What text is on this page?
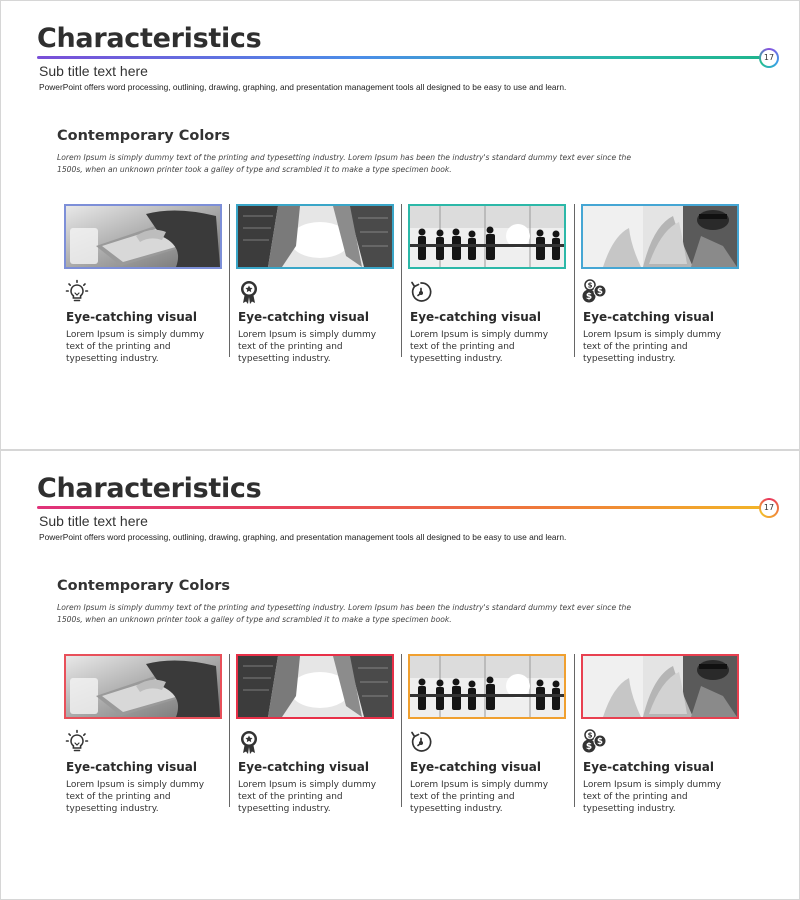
Characteristics
17
Sub title text here
PowerPoint offers word processing, outlining, drawing, graphing, and presentation management tools all designed to be easy to use and learn.
Contemporary Colors
Lorem Ipsum is simply dummy text of the printing and typesetting industry. Lorem Ipsum has been the industry's standard dummy text ever since the 1500s, when an unknown printer took a galley of type and scrambled it to make a type specimen book.
Eye-catching visual
Lorem Ipsum is simply dummy text of the printing and typesetting industry.
Eye-catching visual
Lorem Ipsum is simply dummy text of the printing and typesetting industry.
Eye-catching visual
Lorem Ipsum is simply dummy text of the printing and typesetting industry.
$
$ $
Eye-catching visual
Lorem Ipsum is simply dummy text of the printing and typesetting industry.
Characteristics
17
Sub title text here
PowerPoint offers word processing, outlining, drawing, graphing, and presentation management tools all designed to be easy to use and learn.
Contemporary Colors
Lorem Ipsum is simply dummy text of the printing and typesetting industry. Lorem Ipsum has been the industry's standard dummy text ever since the 1500s, when an unknown printer took a galley of type and scrambled it to make a type specimen book.
Eye-catching visual
Lorem Ipsum is simply dummy text of the printing and typesetting industry.
Eye-catching visual
Lorem Ipsum is simply dummy text of the printing and typesetting industry.
Eye-catching visual
Lorem Ipsum is simply dummy text of the printing and typesetting industry.
$
$ $
Eye-catching visual
Lorem Ipsum is simply dummy text of the printing and typesetting industry.
